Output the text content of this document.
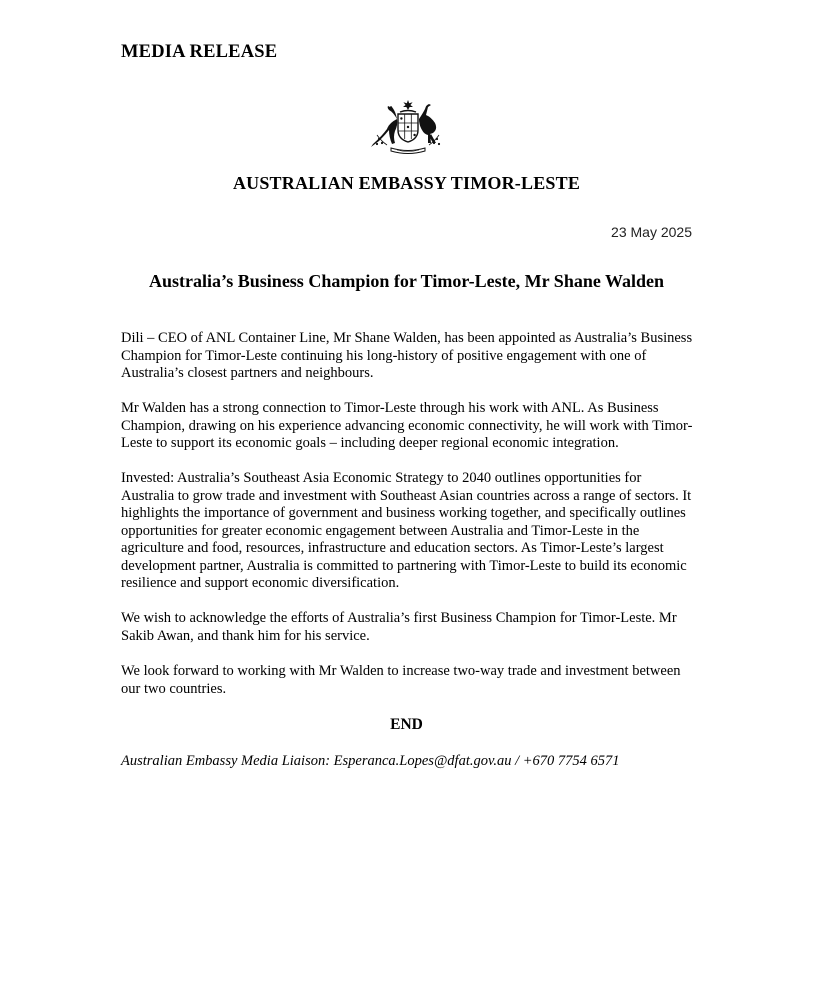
MEDIA RELEASE
AUSTRALIAN EMBASSY TIMOR-LESTE
23 May 2025
Australia’s Business Champion for Timor-Leste, Mr Shane Walden

Dili – CEO of ANL Container Line, Mr Shane Walden, has been appointed as Australia’s Business Champion for Timor-Leste continuing his long-history of positive engagement with one of Australia’s closest partners and neighbours.

Mr Walden has a strong connection to Timor-Leste through his work with ANL. As Business Champion, drawing on his experience advancing economic connectivity, he will work with Timor-Leste to support its economic goals – including deeper regional economic integration.

Invested: Australia’s Southeast Asia Economic Strategy to 2040 outlines opportunities for Australia to grow trade and investment with Southeast Asian countries across a range of sectors. It highlights the importance of government and business working together, and specifically outlines opportunities for greater economic engagement between Australia and Timor-Leste in the agriculture and food, resources, infrastructure and education sectors. As Timor-Leste’s largest development partner, Australia is committed to partnering with Timor-Leste to build its economic resilience and support economic diversification.

We wish to acknowledge the efforts of Australia’s first Business Champion for Timor-Leste. Mr Sakib Awan, and thank him for his service.

We look forward to working with Mr Walden to increase two-way trade and investment between our two countries.

END
Australian Embassy Media Liaison: Esperanca.Lopes@dfat.gov.au / +670 7754 6571
